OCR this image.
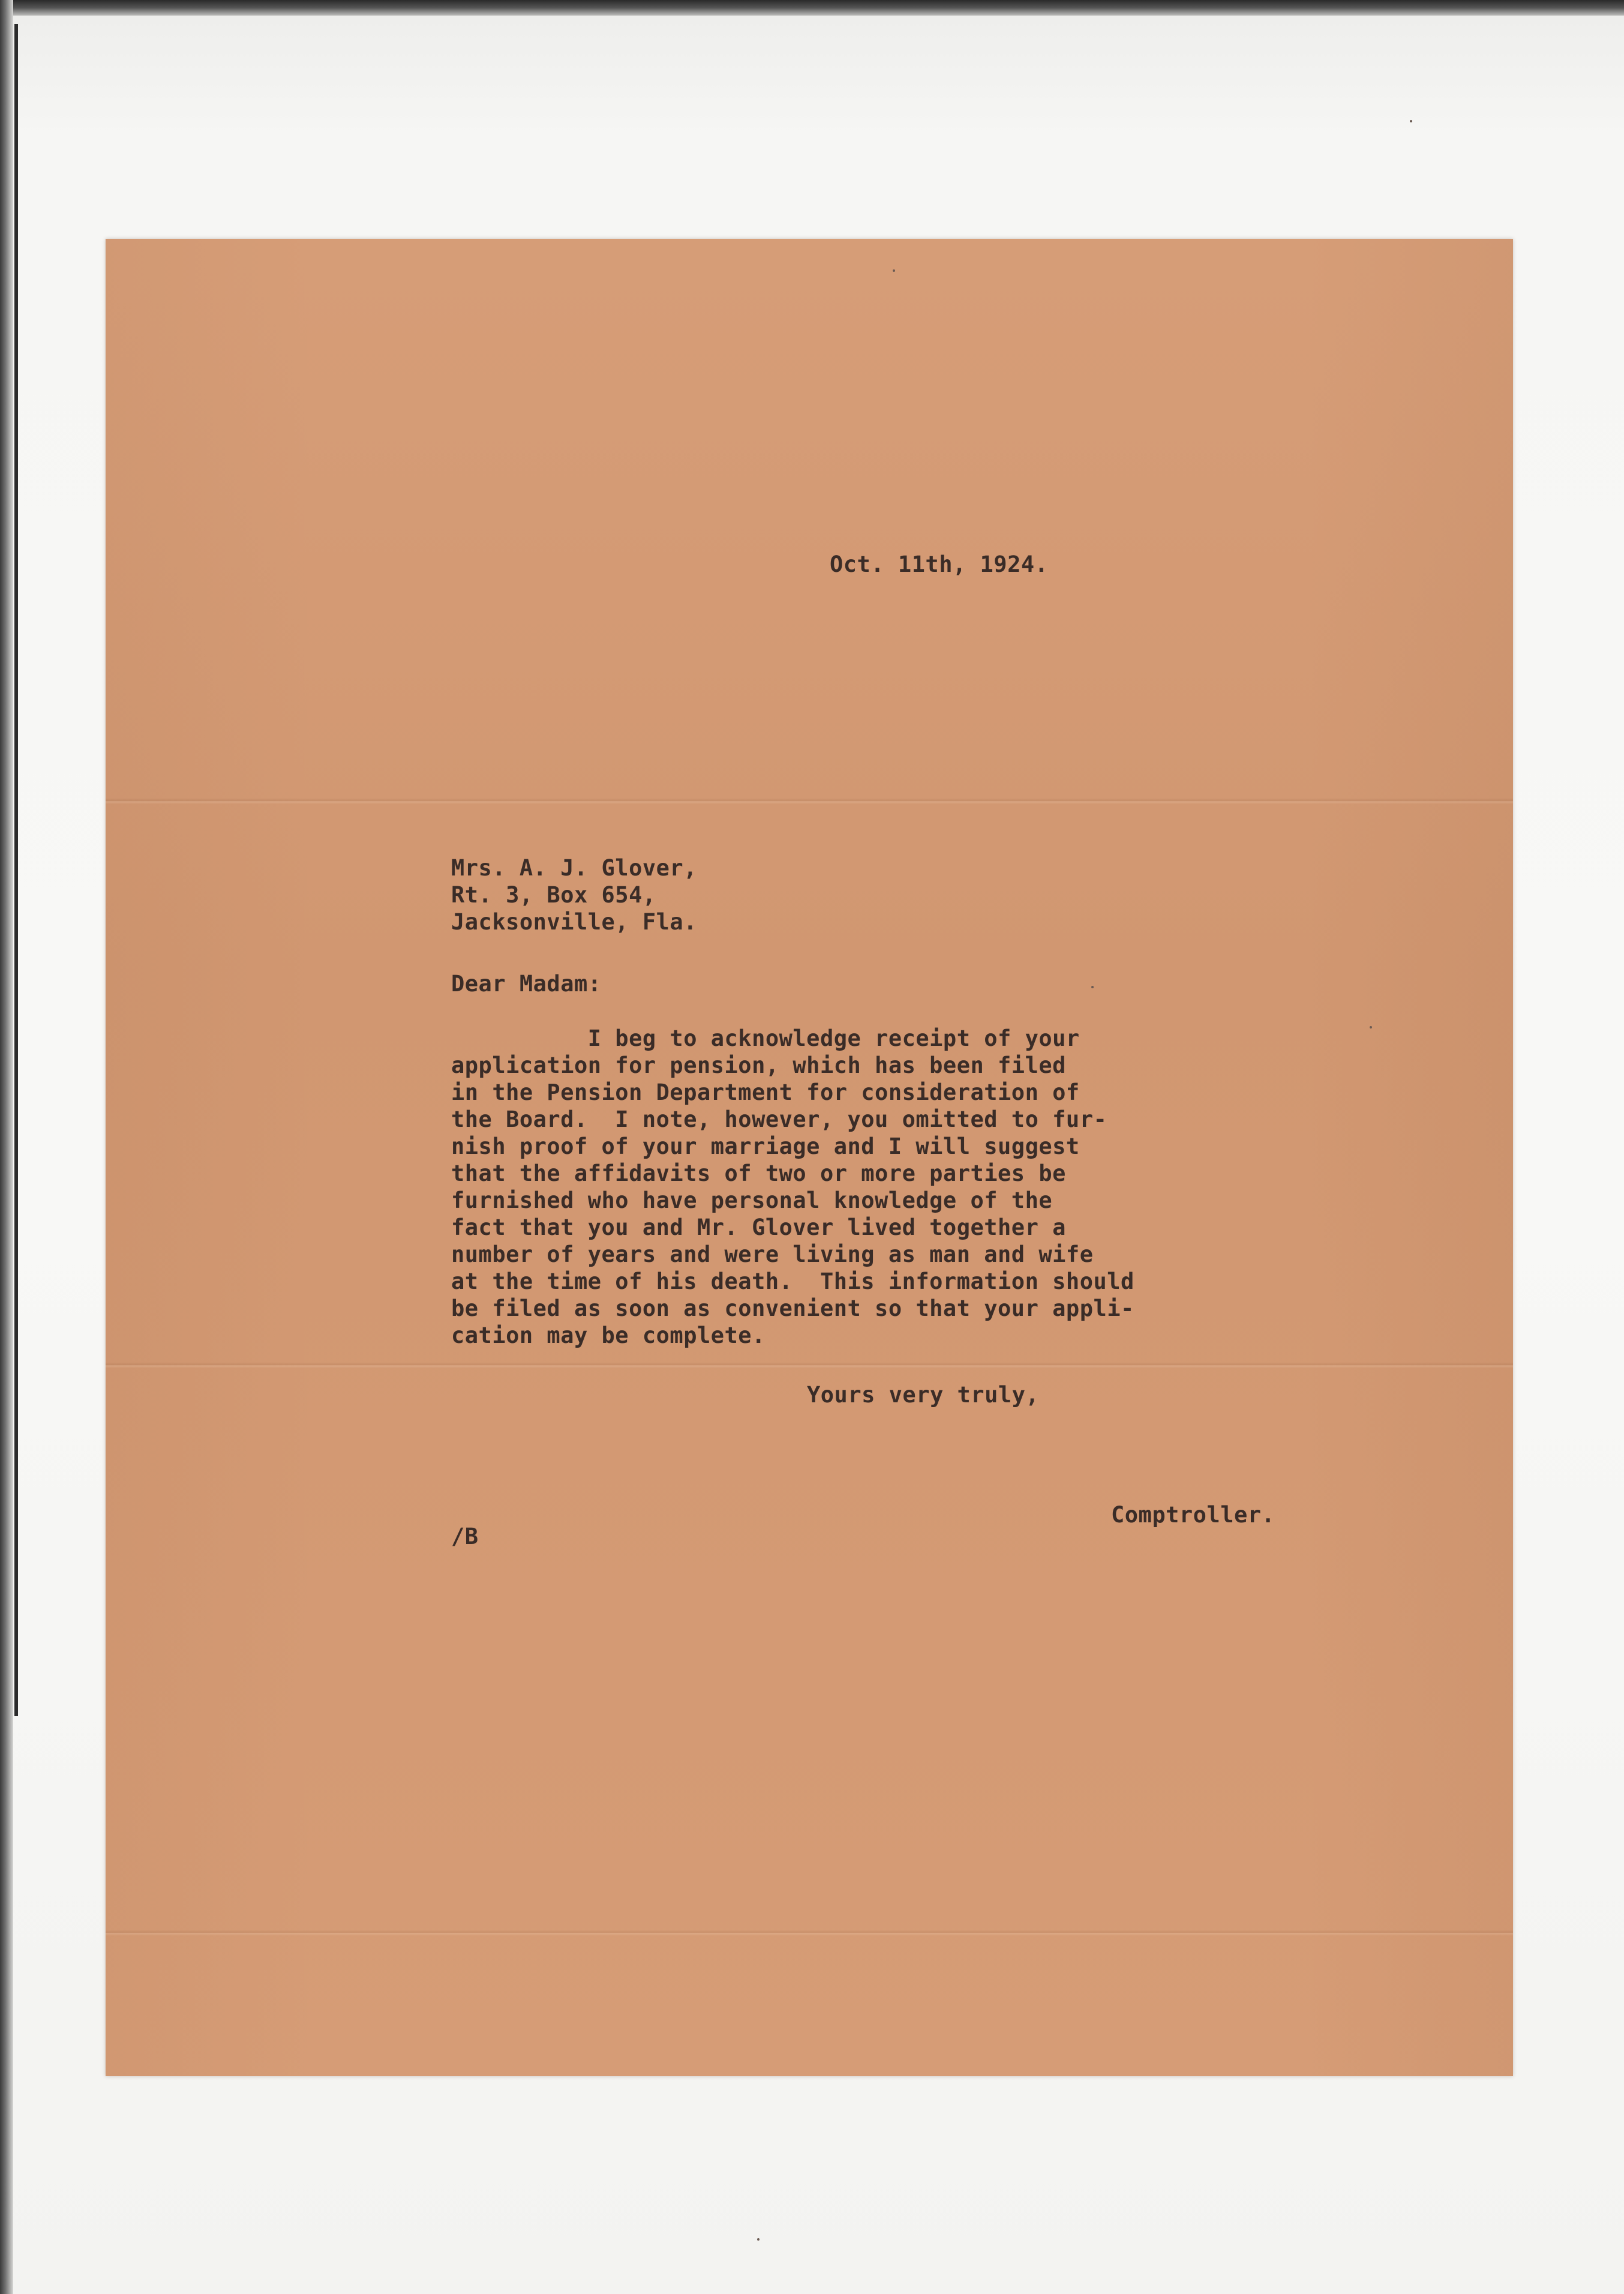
Oct. 11th, 1924.
Mrs. A. J. Glover,
Rt. 3, Box 654,
Jacksonville, Fla.
Dear Madam:
I beg to acknowledge receipt of your
application for pension, which has been filed
in the Pension Department for consideration of
the Board.  I note, however, you omitted to fur-
nish proof of your marriage and I will suggest
that the affidavits of two or more parties be
furnished who have personal knowledge of the
fact that you and Mr. Glover lived together a
number of years and were living as man and wife
at the time of his death.  This information should
be filed as soon as convenient so that your appli-
cation may be complete.
Yours very truly,
Comptroller.
/B
